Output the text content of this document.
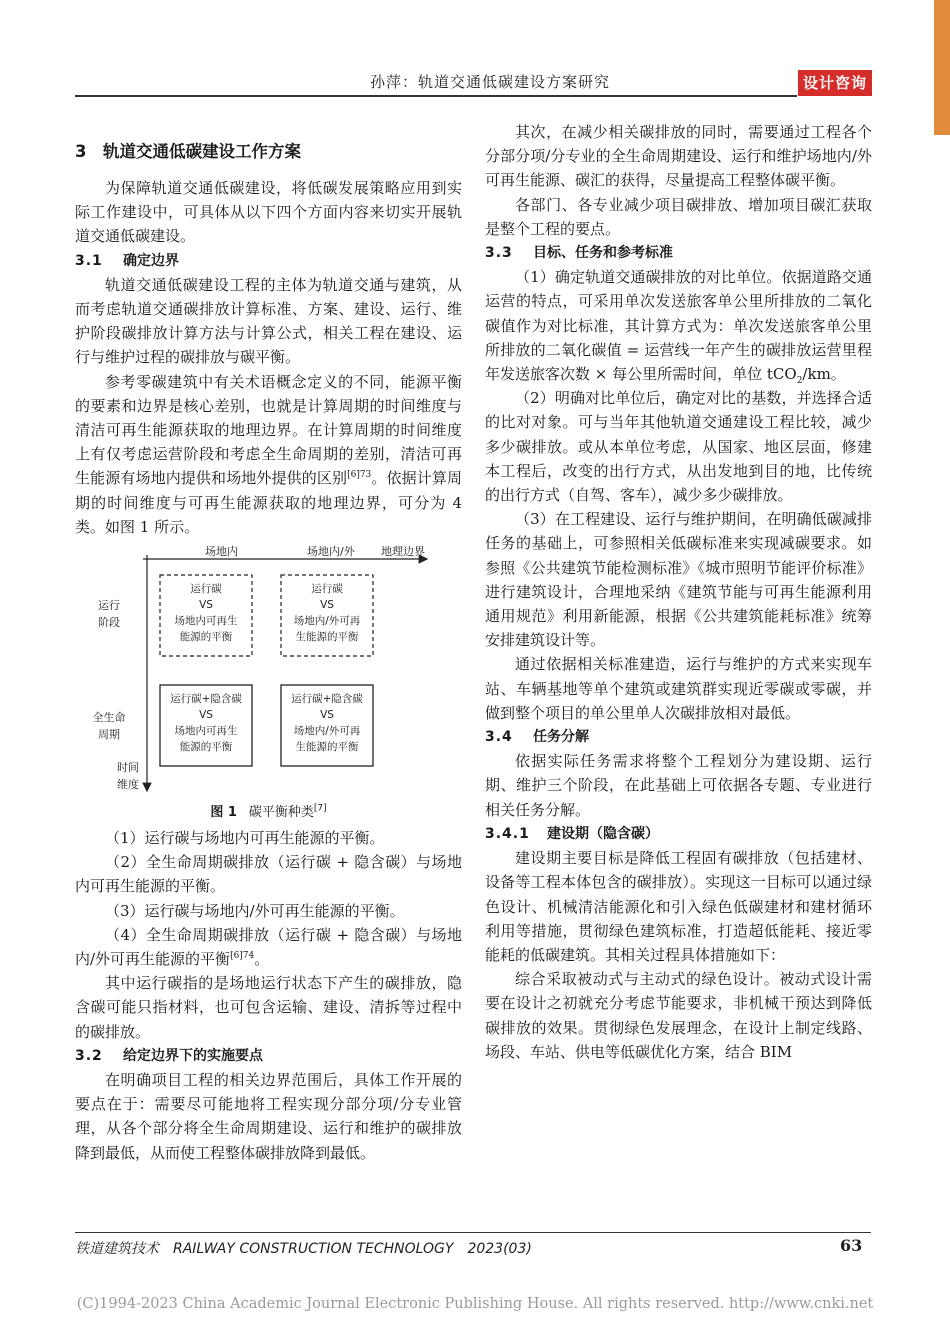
孙萍：轨道交通低碳建设方案研究	设计咨询
3　轨道交通低碳建设工作方案

为保障轨道交通低碳建设，将低碳发展策略应用到实际工作建设中，可具体从以下四个方面内容来切实开展轨道交通低碳建设。

3.1 确定边界

轨道交通低碳建设工程的主体为轨道交通与建筑，从而考虑轨道交通碳排放计算标准、方案、建设、运行、维护阶段碳排放计算方法与计算公式，相关工程在建设、运行与维护过程的碳排放与碳平衡。

参考零碳建筑中有关术语概念定义的不同，能源平衡的要素和边界是核心差别，也就是计算周期的时间维度与清洁可再生能源获取的地理边界。在计算周期的时间维度上有仅考虑运营阶段和考虑全生命周期的差别，清洁可再生能源有场地内提供和场地外提供的区别$^{[6]73}$。依据计算周期的时间维度与可再生能源获取的地理边界，可分为 4 类。如图 1 所示。

场地内	场地内/外 地理边界
运行
阶段
全生命
周期
时间
维度
运行碳
VS
场地内可再生
能源的平衡
运行碳
VS
场地内/外可再
生能源的平衡
运行碳+隐含碳
VS
场地内可再生
能源的平衡
运行碳+隐含碳
VS
场地内/外可再
生能源的平衡
图 1 碳平衡种类[7]

（1）运行碳与场地内可再生能源的平衡。

（2）全生命周期碳排放（运行碳 + 隐含碳）与场地内可再生能源的平衡。

（3）运行碳与场地内/外可再生能源的平衡。

（4）全生命周期碳排放（运行碳 + 隐含碳）与场地内/外可再生能源的平衡$^{[6]74}$。

其中运行碳指的是场地运行状态下产生的碳排放，隐含碳可能只指材料，也可包含运输、建设、清拆等过程中的碳排放。

3.2 给定边界下的实施要点

在明确项目工程的相关边界范围后，具体工作开展的要点在于：需要尽可能地将工程实现分部分项/分专业管理，从各个部分将全生命周期建设、运行和维护的碳排放降到最低，从而使工程整体碳排放降到最低。

其次，在减少相关碳排放的同时，需要通过工程各个分部分项/分专业的全生命周期建设、运行和维护场地内/外可再生能源、碳汇的获得，尽量提高工程整体碳平衡。

各部门、各专业减少项目碳排放、增加项目碳汇获取是整个工程的要点。

3.3 目标、任务和参考标准

（1）确定轨道交通碳排放的对比单位。依据道路交通运营的特点，可采用单次发送旅客单公里所排放的二氧化碳值作为对比标准，其计算方式为：单次发送旅客单公里所排放的二氧化碳值 = 运营线一年产生的碳排放运营里程年发送旅客次数 × 每公里所需时间，单位 tCO$_2$/km。

（2）明确对比单位后，确定对比的基数，并选择合适的比对对象。可与当年其他轨道交通建设工程比较，减少多少碳排放。或从本单位考虑，从国家、地区层面，修建本工程后，改变的出行方式，从出发地到目的地，比传统的出行方式（自驾、客车），减少多少碳排放。

（3）在工程建设、运行与维护期间，在明确低碳减排任务的基础上，可参照相关低碳标准来实现减碳要求。如参照《公共建筑节能检测标准》《城市照明节能评价标准》进行建筑设计，合理地采纳《建筑节能与可再生能源利用通用规范》利用新能源，根据《公共建筑能耗标准》统筹安排建筑设计等。

通过依据相关标准建造，运行与维护的方式来实现车站、车辆基地等单个建筑或建筑群实现近零碳或零碳，并做到整个项目的单公里单人次碳排放相对最低。

3.4 任务分解

依据实际任务需求将整个工程划分为建设期、运行期、维护三个阶段，在此基础上可依据各专题、专业进行相关任务分解。

3.4.1 建设期（隐含碳）

建设期主要目标是降低工程固有碳排放（包括建材、设备等工程本体包含的碳排放）。实现这一目标可以通过绿色设计、机械清洁能源化和引入绿色低碳建材和建材循环利用等措施，贯彻绿色建筑标准，打造超低能耗、接近零能耗的低碳建筑。其相关过程具体措施如下：

综合采取被动式与主动式的绿色设计。被动式设计需要在设计之初就充分考虑节能要求，非机械干预达到降低碳排放的效果。贯彻绿色发展理念，在设计上制定线路、场段、车站、供电等低碳优化方案，结合 BIM

铁道建筑技术　RAILWAY CONSTRUCTION TECHNOLOGY　2023(03)	63
(C)1994-2023 China Academic Journal Electronic Publishing House. All rights reserved. http://www.cnki.net
